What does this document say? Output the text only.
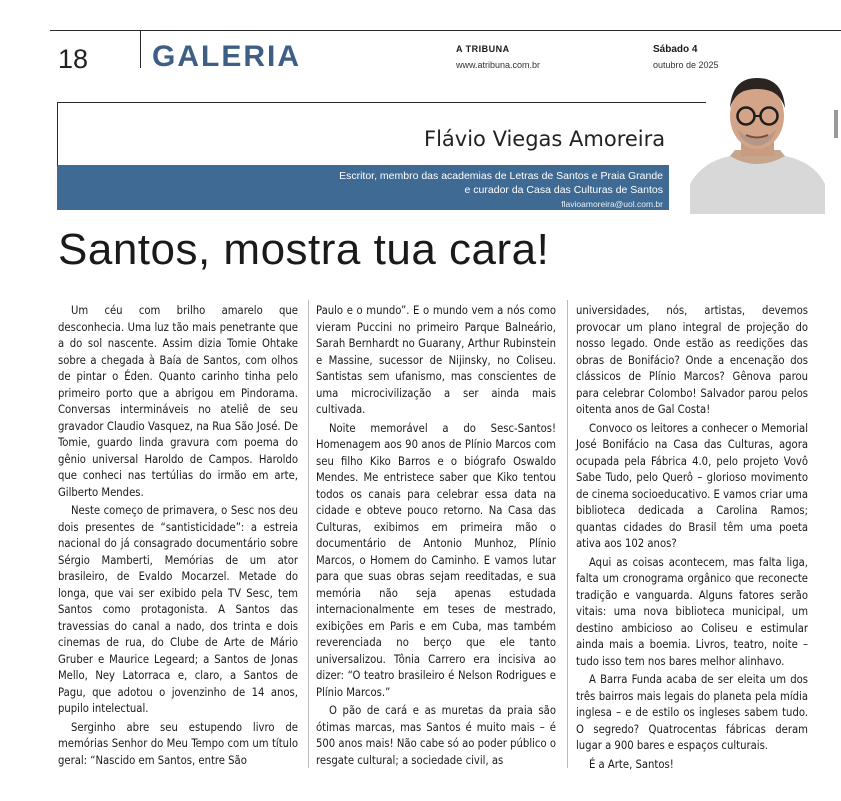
18 GALERIA	A TRIBUNA
www.atribuna.com.br
Sábado 4
outubro de 2025
Flávio Viegas Amoreira
Escritor, membro das academias de Letras de Santos e Praia Grande
e curador da Casa das Culturas de Santos
flavioamoreira@uol.com.br
Santos, mostra tua cara!

Um céu com brilho amarelo que desconhecia. Uma luz tão mais penetrante que a do sol nascente. Assim dizia Tomie Ohtake sobre a chegada à Baía de Santos, com olhos de pintar o Éden. Quanto carinho tinha pelo primeiro porto que a abrigou em Pindorama. Conversas intermináveis no ateliê de seu gravador Claudio Vasquez, na Rua São José. De Tomie, guardo linda gravura com poema do gênio universal Haroldo de Campos. Haroldo que conheci nas tertúlias do irmão em arte, Gilberto Mendes.

Neste começo de primavera, o Sesc nos deu dois presentes de “santisticidade”: a estreia nacional do já consagrado documentário sobre Sérgio Mamberti, Memórias de um ator brasileiro, de Evaldo Mocarzel. Metade do longa, que vai ser exibido pela TV Sesc, tem Santos como protagonista. A Santos das travessias do canal a nado, dos trinta e dois cinemas de rua, do Clube de Arte de Mário Gruber e Maurice Legeard; a Santos de Jonas Mello, Ney Latorraca e, claro, a Santos de Pagu, que adotou o jovenzinho de 14 anos, pupilo intelectual.

Serginho abre seu estupendo livro de memórias Senhor do Meu Tempo com um título geral: “Nascido em Santos, entre São

Paulo e o mundo”. E o mundo vem a nós como vieram Puccini no primeiro Parque Balneário, Sarah Bernhardt no Guarany, Arthur Rubinstein e Massine, sucessor de Nijinsky, no Coliseu. Santistas sem ufanismo, mas conscientes de uma microcivilização a ser ainda mais cultivada.

Noite memorável a do Sesc-Santos! Homenagem aos 90 anos de Plínio Marcos com seu filho Kiko Barros e o biógrafo Oswaldo Mendes. Me entristece saber que Kiko tentou todos os canais para celebrar essa data na cidade e obteve pouco retorno. Na Casa das Culturas, exibimos em primeira mão o documentário de Antonio Munhoz, Plínio Marcos, o Homem do Caminho. E vamos lutar para que suas obras sejam reeditadas, e sua memória não seja apenas estudada internacionalmente em teses de mestrado, exibições em Paris e em Cuba, mas também reverenciada no berço que ele tanto universalizou. Tônia Carrero era incisiva ao dizer: “O teatro brasileiro é Nelson Rodrigues e Plínio Marcos.”

O pão de cará e as muretas da praia são ótimas marcas, mas Santos é muito mais – é 500 anos mais! Não cabe só ao poder público o resgate cultural; a sociedade civil, as

universidades, nós, artistas, devemos provocar um plano integral de projeção do nosso legado. Onde estão as reedições das obras de Bonifácio? Onde a encenação dos clássicos de Plínio Marcos? Gênova parou para celebrar Colombo! Salvador parou pelos oitenta anos de Gal Costa!

Convoco os leitores a conhecer o Memorial José Bonifácio na Casa das Culturas, agora ocupada pela Fábrica 4.0, pelo projeto Vovô Sabe Tudo, pelo Querô – glorioso movimento de cinema socioeducativo. E vamos criar uma biblioteca dedicada a Carolina Ramos; quantas cidades do Brasil têm uma poeta ativa aos 102 anos?

Aqui as coisas acontecem, mas falta liga, falta um cronograma orgânico que reconecte tradição e vanguarda. Alguns fatores serão vitais: uma nova biblioteca municipal, um destino ambicioso ao Coliseu e estimular ainda mais a boemia. Livros, teatro, noite – tudo isso tem nos bares melhor alinhavo.

A Barra Funda acaba de ser eleita um dos três bairros mais legais do planeta pela mídia inglesa – e de estilo os ingleses sabem tudo. O segredo? Quatrocentas fábricas deram lugar a 900 bares e espaços culturais.

É a Arte, Santos!
